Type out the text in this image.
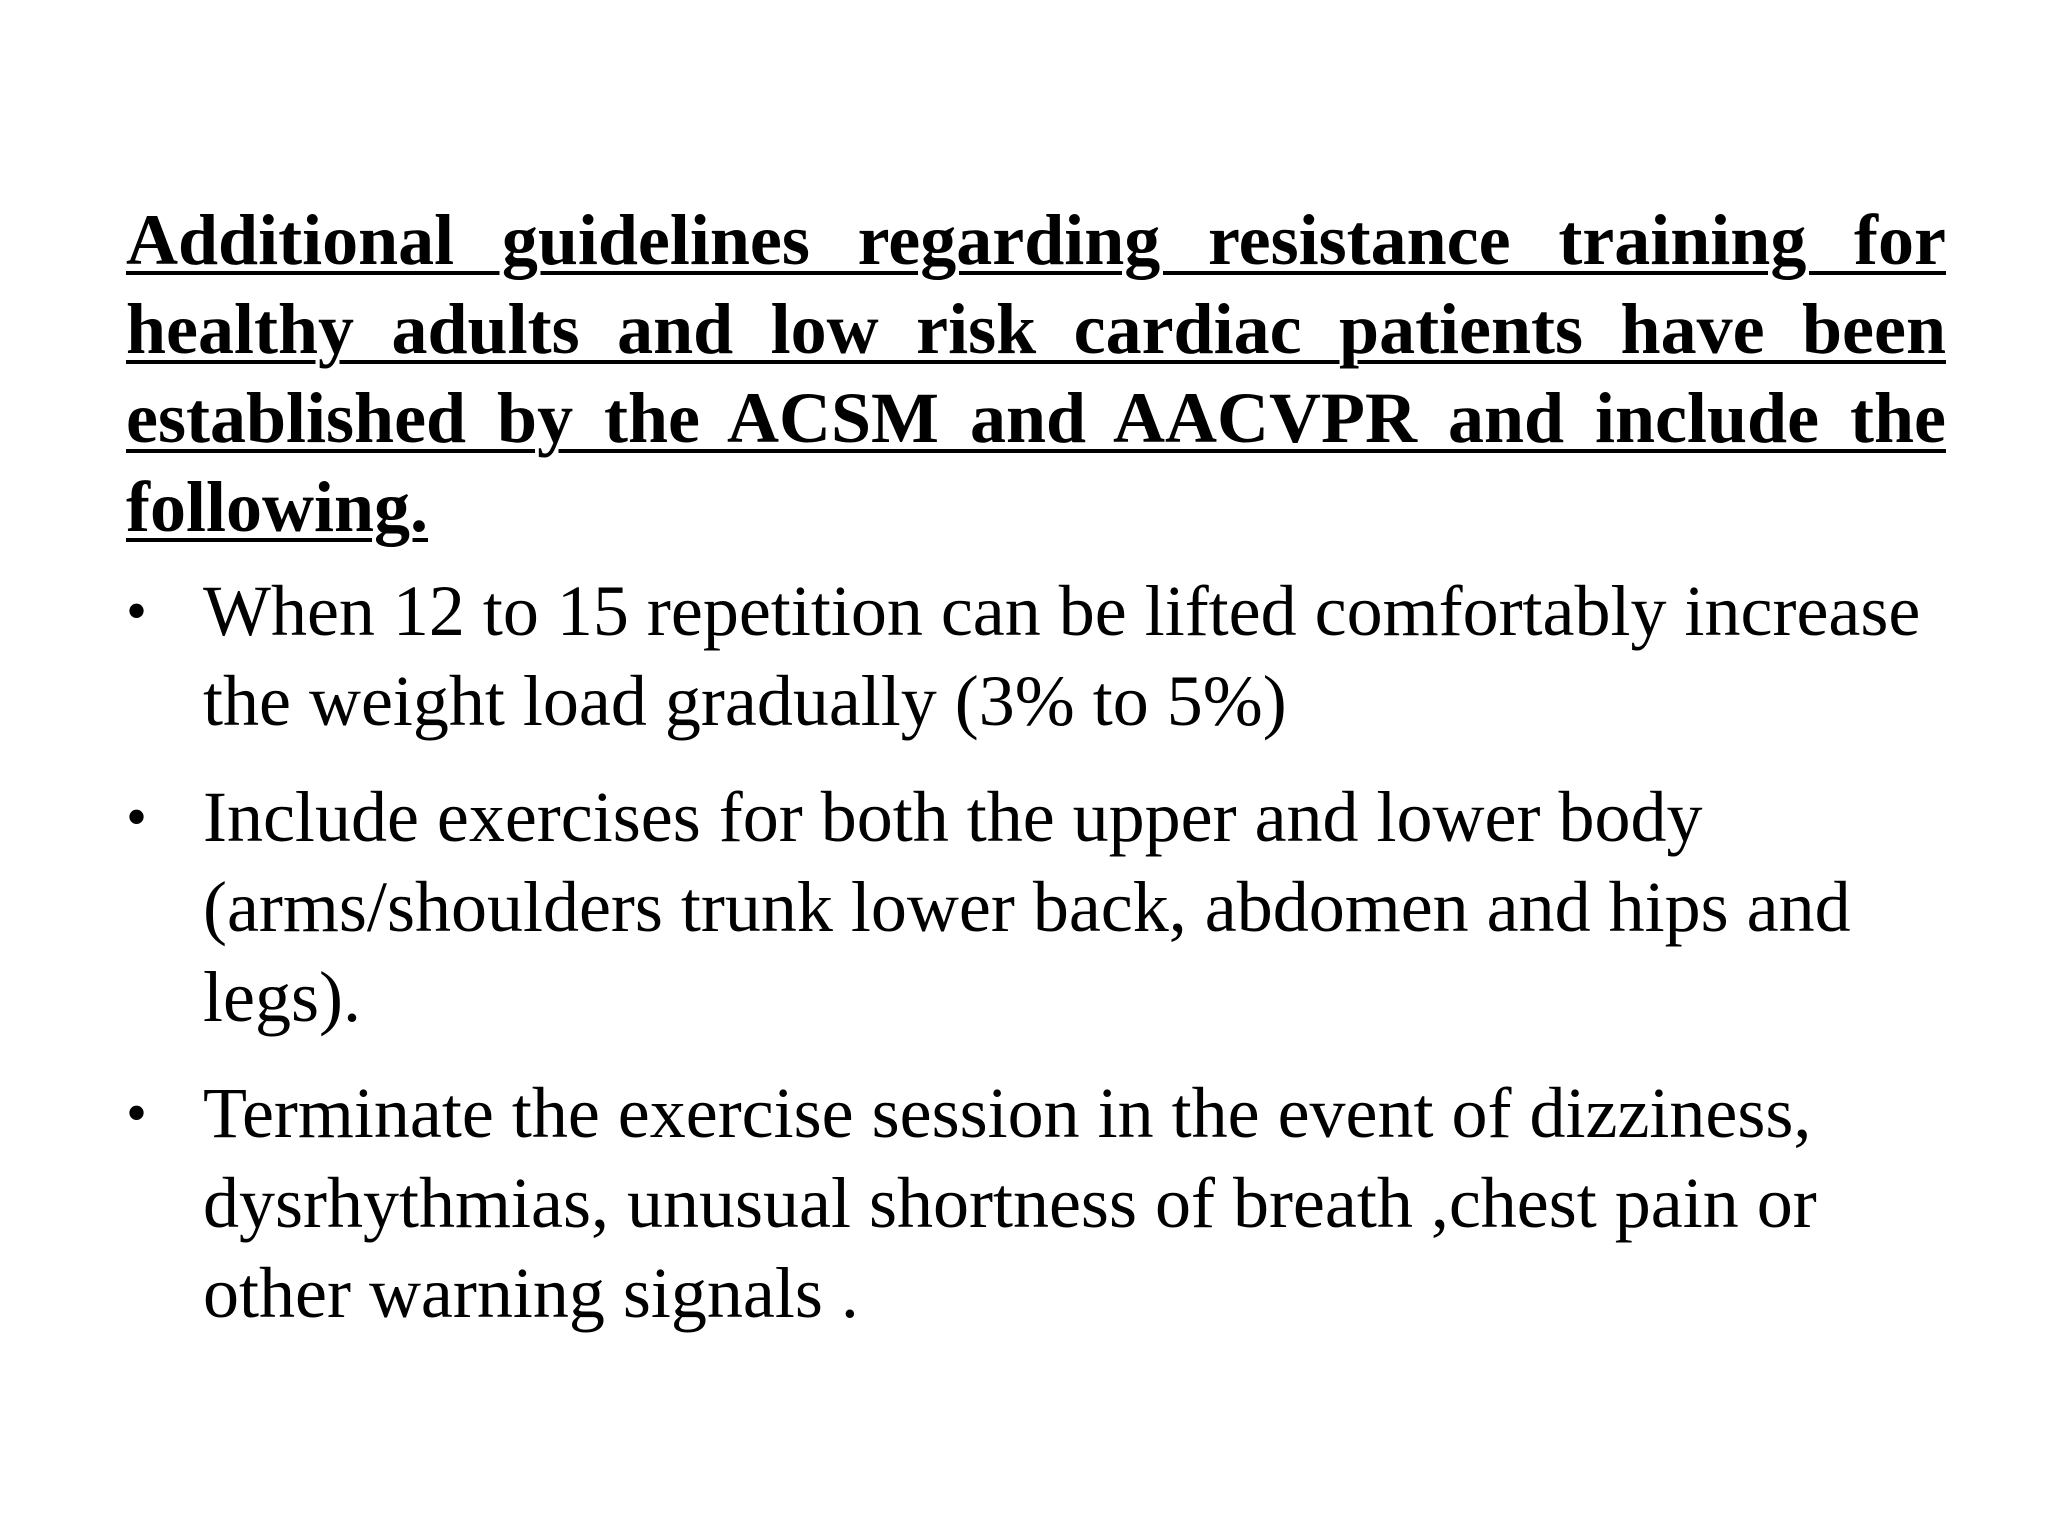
Additional guidelines regarding resistance training for healthy adults and low risk cardiac patients have been established by the ACSM and AACVPR and include the following.

• When 12 to 15 repetition can be lifted comfortably increase the weight load gradually (3% to 5%)
• Include exercises for both the upper and lower body (arms/shoulders trunk lower back, abdomen and hips and legs).
• Terminate the exercise session in the event of dizziness, dysrhythmias, unusual shortness of breath ,chest pain or other warning signals .
